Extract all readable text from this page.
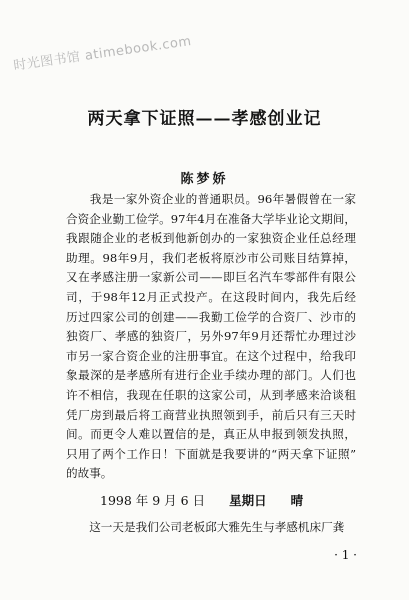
时光图书馆 atimebook.com
两天拿下证照——孝感创业记
陈梦娇
　　我是一家外资企业的普通职员。96年暑假曾在一家
合资企业勤工俭学。97年4月在准备大学毕业论文期间，
我跟随企业的老板到他新创办的一家独资企业任总经理
助理。98年9月，我们老板将原沙市公司账目结算掉，
又在孝感注册一家新公司——即巨名汽车零部件有限公
司，于98年12月正式投产。在这段时间内，我先后经
历过四家公司的创建——我勤工俭学的合资厂、沙市的
独资厂、孝感的独资厂，另外97年9月还帮忙办理过沙
市另一家合资企业的注册事宜。在这个过程中，给我印
象最深的是孝感所有进行企业手续办理的部门。人们也
许不相信，我现在任职的这家公司，从到孝感来洽谈租
凭厂房到最后将工商营业执照领到手，前后只有三天时
间。而更令人难以置信的是，真正从申报到领发执照，
只用了两个工作日！下面就是我要讲的“两天拿下证照”
的故事。
1998 年 9 月 6 日 星期日 晴
　　这一天是我们公司老板邱大雅先生与孝感机床厂龚
· 1 ·
